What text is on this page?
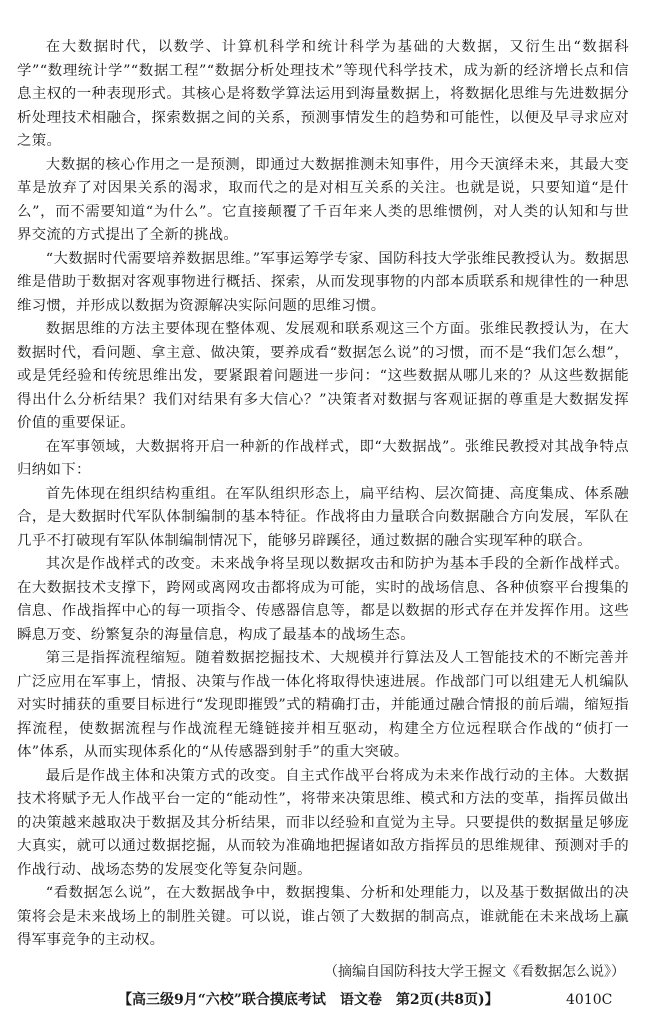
在大数据时代，以数学、计算机科学和统计科学为基础的大数据，又衍生出“数据科学”“数理统计学”“数据工程”“数据分析处理技术”等现代科学技术，成为新的经济增长点和信息主权的一种表现形式。其核心是将数学算法运用到海量数据上，将数据化思维与先进数据分析处理技术相融合，探索数据之间的关系，预测事情发生的趋势和可能性，以便及早寻求应对之策。

大数据的核心作用之一是预测，即通过大数据推测未知事件，用今天演绎未来，其最大变革是放弃了对因果关系的渴求，取而代之的是对相互关系的关注。也就是说，只要知道“是什么”，而不需要知道“为什么”。它直接颠覆了千百年来人类的思维惯例，对人类的认知和与世界交流的方式提出了全新的挑战。

“大数据时代需要培养数据思维。”军事运筹学专家、国防科技大学张维民教授认为。数据思维是借助于数据对客观事物进行概括、探索，从而发现事物的内部本质联系和规律性的一种思维习惯，并形成以数据为资源解决实际问题的思维习惯。

数据思维的方法主要体现在整体观、发展观和联系观这三个方面。张维民教授认为，在大数据时代，看问题、拿主意、做决策，要养成看“数据怎么说”的习惯，而不是“我们怎么想”，或是凭经验和传统思维出发，要紧跟着问题进一步问：“这些数据从哪儿来的？从这些数据能得出什么分析结果？我们对结果有多大信心？”决策者对数据与客观证据的尊重是大数据发挥价值的重要保证。

在军事领域，大数据将开启一种新的作战样式，即“大数据战”。张维民教授对其战争特点归纳如下：

首先体现在组织结构重组。在军队组织形态上，扁平结构、层次简捷、高度集成、体系融合，是大数据时代军队体制编制的基本特征。作战将由力量联合向数据融合方向发展，军队在几乎不打破现有军队体制编制情况下，能够另辟蹊径，通过数据的融合实现军种的联合。

其次是作战样式的改变。未来战争将呈现以数据攻击和防护为基本手段的全新作战样式。在大数据技术支撑下，跨网或离网攻击都将成为可能，实时的战场信息、各种侦察平台搜集的信息、作战指挥中心的每一项指令、传感器信息等，都是以数据的形式存在并发挥作用。这些瞬息万变、纷繁复杂的海量信息，构成了最基本的战场生态。

第三是指挥流程缩短。随着数据挖掘技术、大规模并行算法及人工智能技术的不断完善并广泛应用在军事上，情报、决策与作战一体化将取得快速进展。作战部门可以组建无人机编队对实时捕获的重要目标进行“发现即摧毁”式的精确打击，并能通过融合情报的前后端，缩短指挥流程，使数据流程与作战流程无缝链接并相互驱动，构建全方位远程联合作战的“侦打一体”体系，从而实现体系化的“从传感器到射手”的重大突破。

最后是作战主体和决策方式的改变。自主式作战平台将成为未来作战行动的主体。大数据技术将赋予无人作战平台一定的“能动性”，将带来决策思维、模式和方法的变革，指挥员做出的决策越来越取决于数据及其分析结果，而非以经验和直觉为主导。只要提供的数据量足够庞大真实，就可以通过数据挖掘，从而较为准确地把握诸如敌方指挥员的思维规律、预测对手的作战行动、战场态势的发展变化等复杂问题。

“看数据怎么说”，在大数据战争中，数据搜集、分析和处理能力，以及基于数据做出的决策将会是未来战场上的制胜关键。可以说，谁占领了大数据的制高点，谁就能在未来战场上赢得军事竞争的主动权。

（摘编自国防科技大学王握文《看数据怎么说》）

【高三级9月“六校”联合摸底考试　语文卷　第2页(共8页)】	4010C
